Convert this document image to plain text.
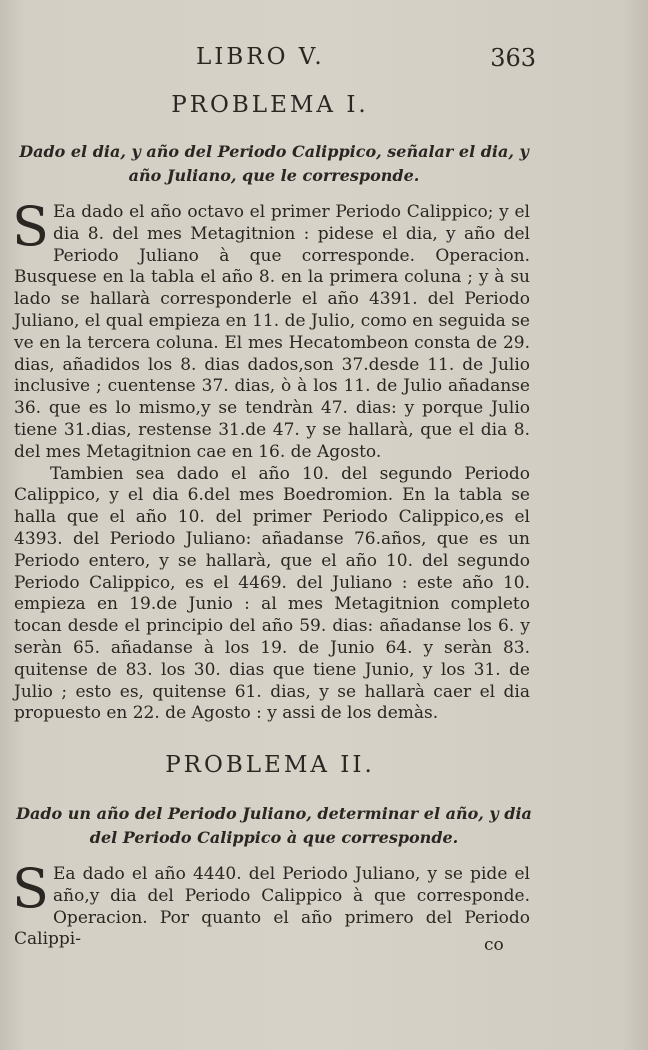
LIBRO V.	363
PROBLEMA I.
Dado el dia, y año del Periodo Calippico, señalar el dia, y año Juliano, que le corresponde.
S Ea dado el año octavo el primer Periodo Calippico; y el dia 8. del mes Metagitnion : pidese el dia, y año del Periodo Juliano à que corresponde. Operacion. Busquese en la tabla el año 8. en la primera coluna ; y à su lado se hallarà corresponderle el año 4391. del Periodo Juliano, el qual empieza en 11. de Julio, como en seguida se ve en la tercera coluna. El mes Hecatombeon consta de 29. dias, añadidos los 8. dias dados,son 37.desde 11. de Julio inclusive ; cuentense 37. dias, ò à los 11. de Julio añadanse 36. que es lo mismo,y se tendràn 47. dias: y porque Julio tiene 31.dias, restense 31.de 47. y se hallarà, que el dia 8. del mes Metagitnion cae en 16. de Agosto.

Tambien sea dado el año 10. del segundo Periodo Calippico, y el dia 6.del mes Boedromion. En la tabla se halla que el año 10. del primer Periodo Calippico,es el 4393. del Periodo Juliano: añadanse 76.años, que es un Periodo entero, y se hallarà, que el año 10. del segundo Periodo Calippico, es el 4469. del Juliano : este año 10. empieza en 19.de Junio : al mes Metagitnion completo tocan desde el principio del año 59. dias: añadanse los 6. y seràn 65. añadanse à los 19. de Junio 64. y seràn 83. quitense de 83. los 30. dias que tiene Junio, y los 31. de Julio ; esto es, quitense 61. dias, y se hallarà caer el dia propuesto en 22. de Agosto : y assi de los demàs.

PROBLEMA II.
Dado un año del Periodo Juliano, determinar el año, y dia del Periodo Calippico à que corresponde.
S Ea dado el año 4440. del Periodo Juliano, y se pide el año,y dia del Periodo Calippico à que corresponde. Operacion. Por quanto el año primero del Periodo Calippi-	co
